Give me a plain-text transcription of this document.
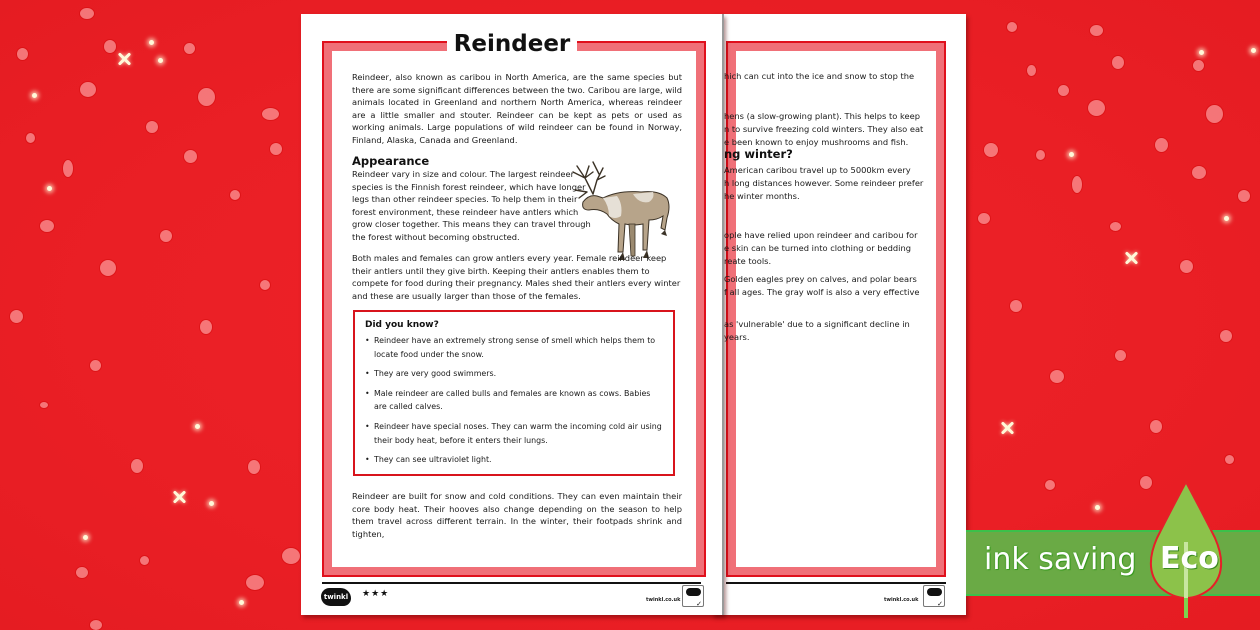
hich can cut into the ice and snow to stop the
hens (a slow-growing plant). This helps to keep
n to survive freezing cold winters. They also eat
e been known to enjoy mushrooms and fish.
ng winter?
American caribou travel up to 5000km every
h long distances however. Some reindeer prefer
he winter months.
ople have relied upon reindeer and caribou for
e skin can be turned into clothing or bedding
reate tools.
Golden eagles prey on calves, and polar bears
f all ages. The gray wolf is also a very effective
as 'vulnerable' due to a significant decline in
years.
twinkl.co.uk
✓
Reindeer

Reindeer, also known as caribou in North America, are the same species but there are some significant differences between the two. Caribou are large, wild animals located in Greenland and northern North America, whereas reindeer are a little smaller and stouter. Reindeer can be kept as pets or used as working animals. Large populations of wild reindeer can be found in Norway, Finland, Alaska, Canada and Greenland.

Appearance

Reindeer vary in size and colour. The largest reindeer species is the Finnish forest reindeer, which have longer legs than other reindeer species. To help them in their forest environment, these reindeer have antlers which grow closer together. This means they can travel through the forest without becoming obstructed.

Both males and females can grow antlers every year. Female reindeer keep their antlers until they give birth. Keeping their antlers enables them to compete for food during their pregnancy. Males shed their antlers every winter and these are usually larger than those of the females.

Did you know?
• Reindeer have an extremely strong sense of smell which helps them to locate food under the snow.
• They are very good swimmers.
• Male reindeer are called bulls and females are known as cows. Babies are called calves.
• Reindeer have special noses. They can warm the incoming cold air using their body heat, before it enters their lungs.
• They can see ultraviolet light.

Reindeer are built for snow and cold conditions. They can even maintain their core body heat. Their hooves also change depending on the season to help them travel across different terrain. In the winter, their footpads shrink and tighten,

twinkl	★★★
twinkl.co.uk
✓
ink saving Eco
